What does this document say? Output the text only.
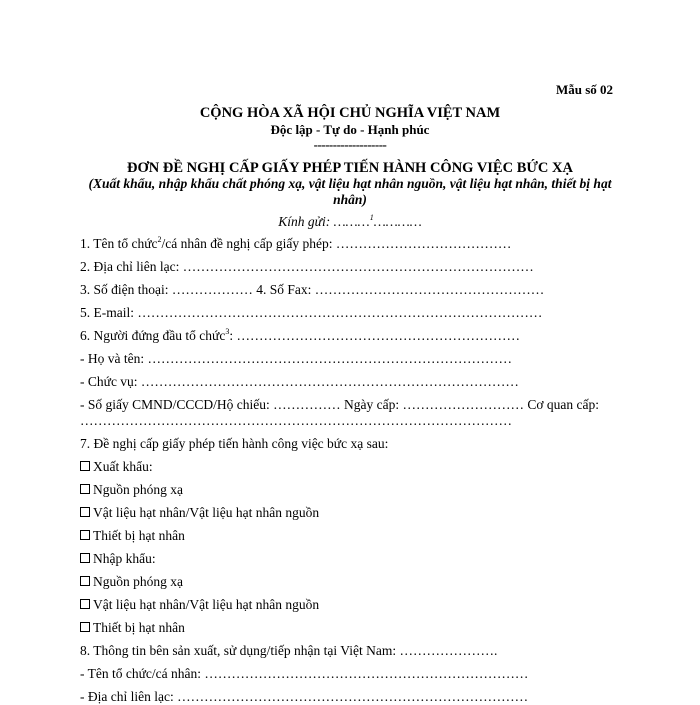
Mẫu số 02
CỘNG HÒA XÃ HỘI CHỦ NGHĨA VIỆT NAM
Độc lập - Tự do - Hạnh phúc
-------------------
ĐƠN ĐỀ NGHỊ CẤP GIẤY PHÉP TIẾN HÀNH CÔNG VIỆC BỨC XẠ
(Xuất khẩu, nhập khẩu chất phóng xạ, vật liệu hạt nhân nguồn, vật liệu hạt nhân, thiết bị hạt nhân)
Kính gửi: ………$^1$…………
1. Tên tổ chức$^2$/cá nhân đề nghị cấp giấy phép: …………………………………
2. Địa chỉ liên lạc: ……………………………………………………………………
3. Số điện thoại: ……………… 4. Số Fax: ……………………………………………
5. E-mail: ………………………………………………………………………………
6. Người đứng đầu tổ chức$^3$: ………………………………………………………
- Họ và tên: ………………………………………………………………………
- Chức vụ: …………………………………………………………………………
- Số giấy CMND/CCCD/Hộ chiếu: …………… Ngày cấp: ……………………… Cơ quan cấp:
……………………………………………………………………………………
7. Đề nghị cấp giấy phép tiến hành công việc bức xạ sau:
Xuất khẩu:
Nguồn phóng xạ
Vật liệu hạt nhân/Vật liệu hạt nhân nguồn
Thiết bị hạt nhân
Nhập khẩu:
Nguồn phóng xạ
Vật liệu hạt nhân/Vật liệu hạt nhân nguồn
Thiết bị hạt nhân
8. Thông tin bên sản xuất, sử dụng/tiếp nhận tại Việt Nam: ………………….
- Tên tổ chức/cá nhân: ………………………………………………………………
- Địa chỉ liên lạc: ……………………………………………………………………
